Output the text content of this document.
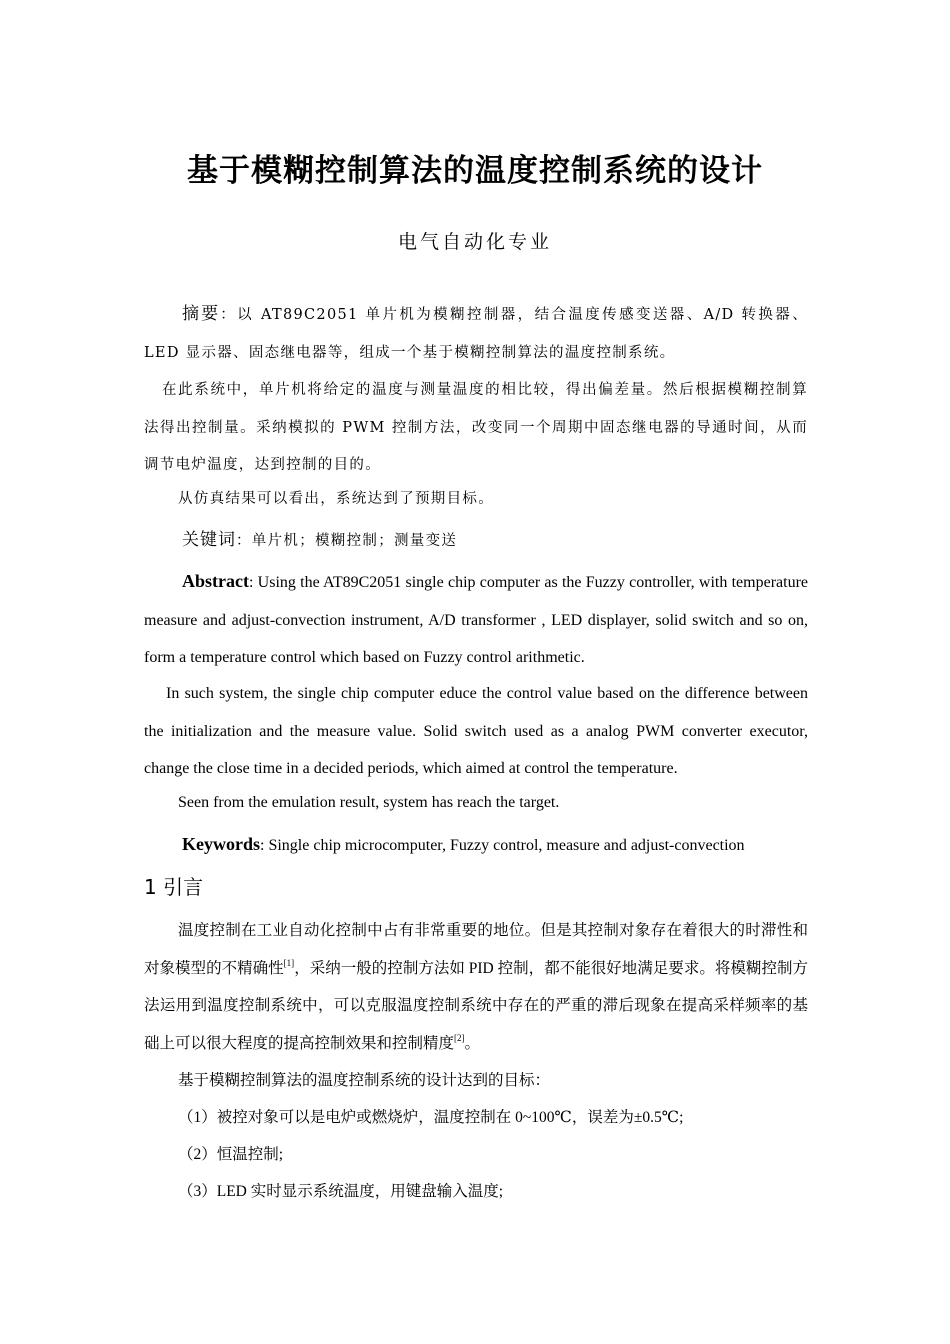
基于模糊控制算法的温度控制系统的设计
电气自动化专业

摘要：以 AT89C2051 单片机为模糊控制器，结合温度传感变送器、A/D 转换器、LED 显示器、固态继电器等，组成一个基于模糊控制算法的温度控制系统。

在此系统中，单片机将给定的温度与测量温度的相比较，得出偏差量。然后根据模糊控制算法得出控制量。采纳模拟的 PWM 控制方法，改变同一个周期中固态继电器的导通时间，从而调节电炉温度，达到控制的目的。

从仿真结果可以看出，系统达到了预期目标。

关键词：单片机；模糊控制；测量变送

Abstract: Using the AT89C2051 single chip computer as the Fuzzy controller, with temperature measure and adjust-convection instrument, A/D transformer , LED displayer, solid switch and so on, form a temperature control which based on Fuzzy control arithmetic.

In such system, the single chip computer educe the control value based on the difference between the initialization and the measure value. Solid switch used as a analog PWM converter executor, change the close time in a decided periods, which aimed at control the temperature.

Seen from the emulation result, system has reach the target.

Keywords: Single chip microcomputer, Fuzzy control, measure and adjust-convection

1 引言

温度控制在工业自动化控制中占有非常重要的地位。但是其控制对象存在着很大的时滞性和对象模型的不精确性[1]，采纳一般的控制方法如 PID 控制，都不能很好地满足要求。将模糊控制方法运用到温度控制系统中，可以克服温度控制系统中存在的严重的滞后现象在提高采样频率的基础上可以很大程度的提高控制效果和控制精度[2]。

基于模糊控制算法的温度控制系统的设计达到的目标：

（1）被控对象可以是电炉或燃烧炉，温度控制在 0~100℃，误差为±0.5℃;

（2）恒温控制;

（3）LED 实时显示系统温度，用键盘输入温度;
